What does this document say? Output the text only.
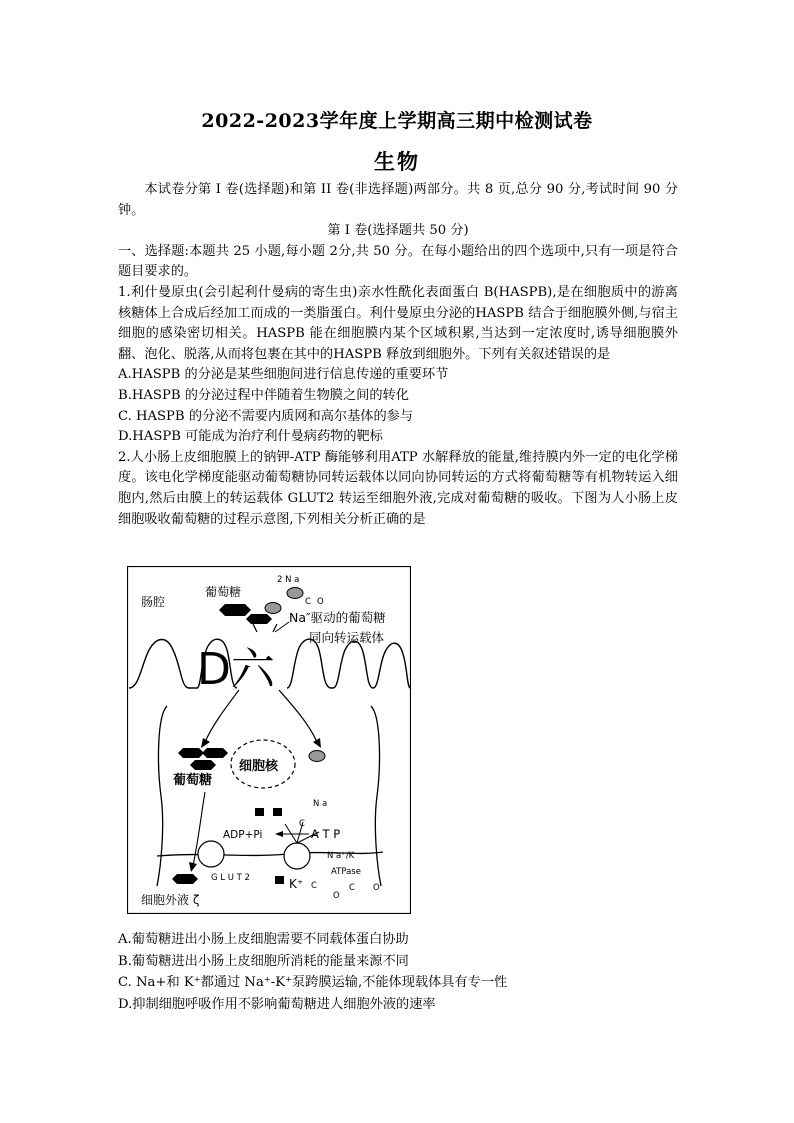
2022-2023学年度上学期高三期中检测试卷
生物

本试卷分第 I 卷(选择题)和第 II 卷(非选择题)两部分。共 8 页,总分 90 分,考试时间 90 分钟。

第 I 卷(选择题共 50 分)

一、选择题:本题共 25 小题,每小题 2分,共 50 分。在每小题给出的四个选项中,只有一项是符合题目要求的。

1.利什曼原虫(会引起利什曼病的寄生虫)亲水性酰化表面蛋白 B(HASPB),是在细胞质中的游离核糖体上合成后经加工而成的一类脂蛋白。利什曼原虫分泌的HASPB 结合于细胞膜外侧,与宿主细胞的感染密切相关。HASPB 能在细胞膜内某个区域积累,当达到一定浓度时,诱导细胞膜外翻、泡化、脱落,从而将包裹在其中的HASPB 释放到细胞外。下列有关叙述错误的是

A.HASPB 的分泌是某些细胞间进行信息传递的重要环节

B.HASPB 的分泌过程中伴随着生物膜之间的转化

C. HASPB 的分泌不需要内质网和高尔基体的参与

D.HASPB 可能成为治疗利什曼病药物的靶标

2.人小肠上皮细胞膜上的钠钾-ATP 酶能够利用ATP 水解释放的能量,维持膜内外一定的电化学梯度。该电化学梯度能驱动葡萄糖协同转运载体以同向协同转运的方式将葡萄糖等有机物转运入细胞内,然后由膜上的转运载体 GLUT2 转运至细胞外液,完成对葡萄糖的吸收。下图为人小肠上皮细胞吸收葡萄糖的过程示意图,下列相关分析正确的是

肠腔
葡萄糖
2 N a
C O
Na″驱动的葡萄糖
同向转运载体
D六
葡萄糖
细胞核
N a
C
ADP+Pi	A T P
G L U T 2
N a⁺/K⁻
ATPase
K⁺ C
O
C O
细胞外液 ζ

A.葡萄糖进出小肠上皮细胞需要不同载体蛋白协助

B.葡萄糖进出小肠上皮细胞所消耗的能量来源不同

C. Na+和 K⁺都通过 Na⁺-K⁺泵跨膜运输,不能体现载体具有专一性

D.抑制细胞呼吸作用不影响葡萄糖进人细胞外液的速率
